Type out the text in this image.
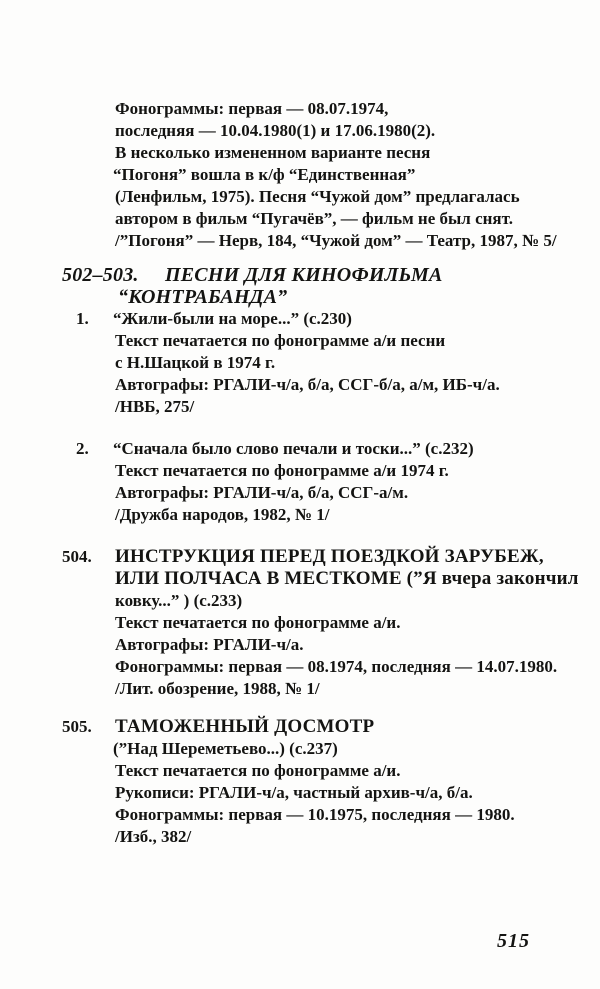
Фонограммы: первая — 08.07.1974,
последняя — 10.04.1980(1) и 17.06.1980(2).
В несколько измененном варианте песня
“Погоня” вошла в к/ф “Единственная”
(Ленфильм, 1975). Песня “Чужой дом” предлагалась
автором в фильм “Пугачёв”, — фильм не был снят.
/”Погоня” — Нерв, 184, “Чужой дом” — Театр, 1987, № 5/
502–503. ПЕСНИ ДЛЯ КИНОФИЛЬМА
“КОНТРАБАНДА”
1. “Жили-были на море...” (с.230)
Текст печатается по фонограмме а/и песни
с Н.Шацкой в 1974 г.
Автографы: РГАЛИ-ч/а, б/а, ССГ-б/а, а/м, ИБ-ч/а.
/НВБ, 275/
2. “Сначала было слово печали и тоски...” (с.232)
Текст печатается по фонограмме а/и 1974 г.
Автографы: РГАЛИ-ч/а, б/а, ССГ-а/м.
/Дружба народов, 1982, № 1/
504. ИНСТРУКЦИЯ ПЕРЕД ПОЕЗДКОЙ ЗАРУБЕЖ,
ИЛИ ПОЛЧАСА В МЕСТКОМЕ (”Я вчера закончил
ковку...” ) (с.233)
Текст печатается по фонограмме а/и.
Автографы: РГАЛИ-ч/а.
Фонограммы: первая — 08.1974, последняя — 14.07.1980.
/Лит. обозрение, 1988, № 1/
505. ТАМОЖЕННЫЙ ДОСМОТР
(”Над Шереметьево...) (с.237)
Текст печатается по фонограмме а/и.
Рукописи: РГАЛИ-ч/а, частный архив-ч/а, б/а.
Фонограммы: первая — 10.1975, последняя — 1980.
/Изб., 382/
515
